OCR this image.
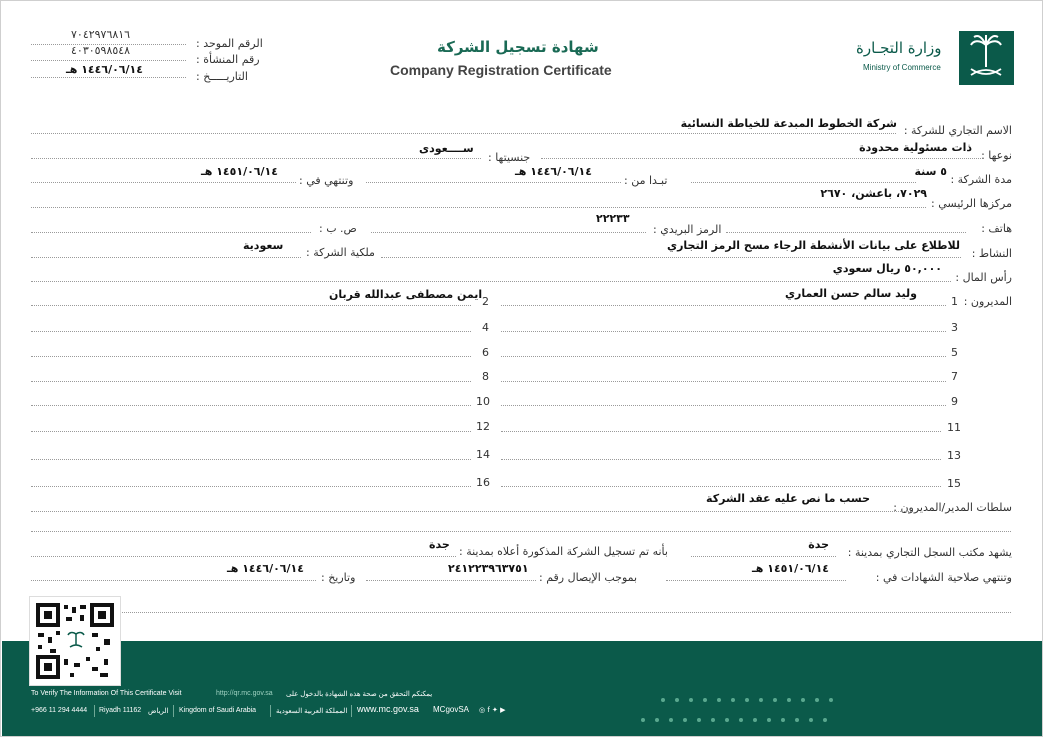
٧٠٤٢٩٧٦٨١٦
الرقم الموحد :
٤٠٣٠٥٩٨٥٤٨
رقم المنشأة :
١٤٤٦/٠٦/١٤ هـ
التاريـــــخ :
شهادة تسجيل الشركة
Company Registration Certificate
وزارة التجـارة
Ministry of Commerce
الاسم التجاري للشركة :
شركة الخطوط المبدعة للخياطة النسائية
نوعها :
ذات مسئولية محدودة
جنسيتها :
ســــعودى
مدة الشركة :
٥ سنة
تبـدا من :
١٤٤٦/٠٦/١٤ هـ
وتنتهي في :
١٤٥١/٠٦/١٤ هـ
مركزها الرئيسي :
٧٠٢٩، باعشن، ٢٦٧٠
هاتف :
الرمز البريدي :
٢٢٢٣٣
ص. ب :
النشاط :
للاطلاع على بيانات الأنشطة الرجاء مسح الرمز التجاري
ملكية الشركة :
سعودية
رأس المال :
٥٠,٠٠٠ ريال سعودي
المديرون :
وليد سالم حسن العماري
ايمن مصطفى عبدالله قربان
1
2
3
4
5
6
7
8
9
10
11
12
13
14
15
16
سلطات المدير/المديرون :
حسب ما نص عليه عقد الشركة
يشهد مكتب السجل التجاري بمدينة :
جدة
بأنه تم تسجيل الشركة المذكورة أعلاه بمدينة :
جدة
وتنتهي صلاحية الشهادات في :
١٤٥١/٠٦/١٤ هـ
بموجب الإيصال رقم :
٢٤١٢٢٣٩٦٣٧٥١
وتاريخ :
١٤٤٦/٠٦/١٤ هـ
To Verify The Information Of This Certificate Visit	http://qr.mc.gov.sa يمكنكم التحقق من صحة هذه الشهادة بالدخول على
+966 11 294 4444 Riyadh 11162 الرياض Kingdom of Saudi Arabia	المملكة العربية السعودية www.mc.gov.sa MCgovSA ◎ f ✦ ▶
